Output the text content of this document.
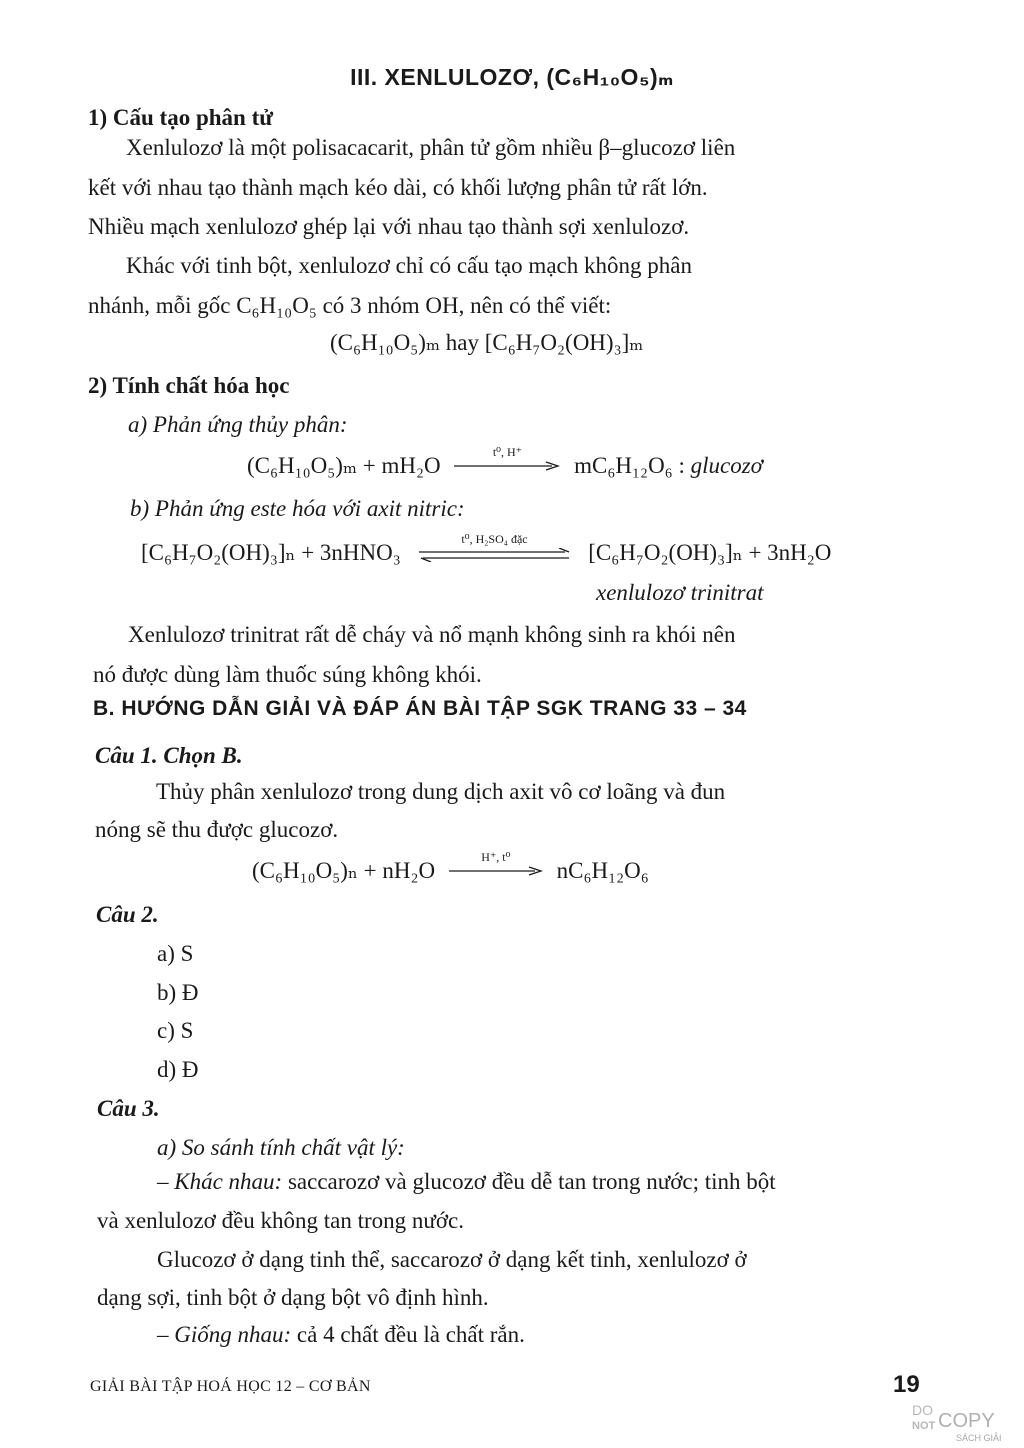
III. XENLULOZƠ, (C₆H₁₀O₅)ₘ
1) Cấu tạo phân tử
Xenlulozơ là một polisacacarit, phân tử gồm nhiều β–glucozơ liên
kết với nhau tạo thành mạch kéo dài, có khối lượng phân tử rất lớn.
Nhiều mạch xenlulozơ ghép lại với nhau tạo thành sợi xenlulozơ.
Khác với tinh bột, xenlulozơ chỉ có cấu tạo mạch không phân
nhánh, mỗi gốc C₆H₁₀O₅ có 3 nhóm OH, nên có thể viết:
(C₆H₁₀O₅)ₘ hay [C₆H₇O₂(OH)₃]ₘ
2) Tính chất hóa học
a) Phản ứng thủy phân:
(C₆H₁₀O₅)ₘ + mH₂O
t⁰, H⁺
mC₆H₁₂O₆ : glucozơ
b) Phản ứng este hóa với axit nitric:
[C₆H₇O₂(OH)₃]ₙ + 3nHNO₃
t⁰, H₂SO₄ đặc
[C₆H₇O₂(OH)₃]ₙ + 3nH₂O
xenlulozơ trinitrat
Xenlulozơ trinitrat rất dễ cháy và nổ mạnh không sinh ra khói nên
nó được dùng làm thuốc súng không khói.
B. HƯỚNG DẪN GIẢI VÀ ĐÁP ÁN BÀI TẬP SGK TRANG 33 – 34
Câu 1. Chọn B.
Thủy phân xenlulozơ trong dung dịch axit vô cơ loãng và đun
nóng sẽ thu được glucozơ.
(C₆H₁₀O₅)ₙ + nH₂O
H⁺, t⁰
nC₆H₁₂O₆
Câu 2.
a) S
b) Đ
c) S
d) Đ
Câu 3.
a) So sánh tính chất vật lý:
– Khác nhau: saccarozơ và glucozơ đều dễ tan trong nước; tinh bột
và xenlulozơ đều không tan trong nước.
Glucozơ ở dạng tinh thể, saccarozơ ở dạng kết tinh, xenlulozơ ở
dạng sợi, tinh bột ở dạng bột vô định hình.
– Giống nhau: cả 4 chất đều là chất rắn.
GIẢI BÀI TẬP HOÁ HỌC 12 – CƠ BẢN	19
DO
NOT COPY
SÁCH GIẢI
